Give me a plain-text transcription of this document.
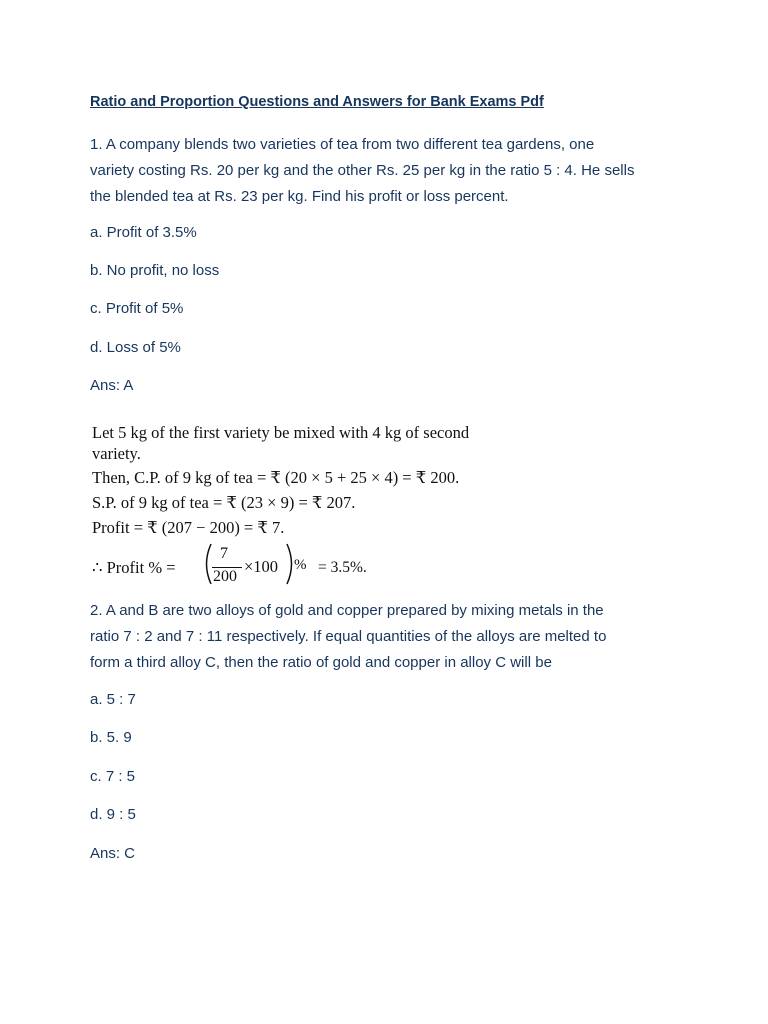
Ratio and Proportion Questions and Answers for Bank Exams Pdf
1. A company blends two varieties of tea from two different tea gardens, one
variety costing Rs. 20 per kg and the other Rs. 25 per kg in the ratio 5 : 4. He sells
the blended tea at Rs. 23 per kg. Find his profit or loss percent.
a. Profit of 3.5%
b. No profit, no loss
c. Profit of 5%
d. Loss of 5%
Ans: A
Let 5 kg of the first variety be mixed with 4 kg of second
variety.
Then, C.P. of 9 kg of tea = ₹ (20 × 5 + 25 × 4) = ₹ 200.
S.P. of 9 kg of tea = ₹ (23 × 9) = ₹ 207.
Profit = ₹ (207 − 200) = ₹ 7.
∴ Profit % =
7
200
×100 % = 3.5%.
2. A and B are two alloys of gold and copper prepared by mixing metals in the
ratio 7 : 2 and 7 : 11 respectively. If equal quantities of the alloys are melted to
form a third alloy C, then the ratio of gold and copper in alloy C will be
a. 5 : 7
b. 5. 9
c. 7 : 5
d. 9 : 5
Ans: C
